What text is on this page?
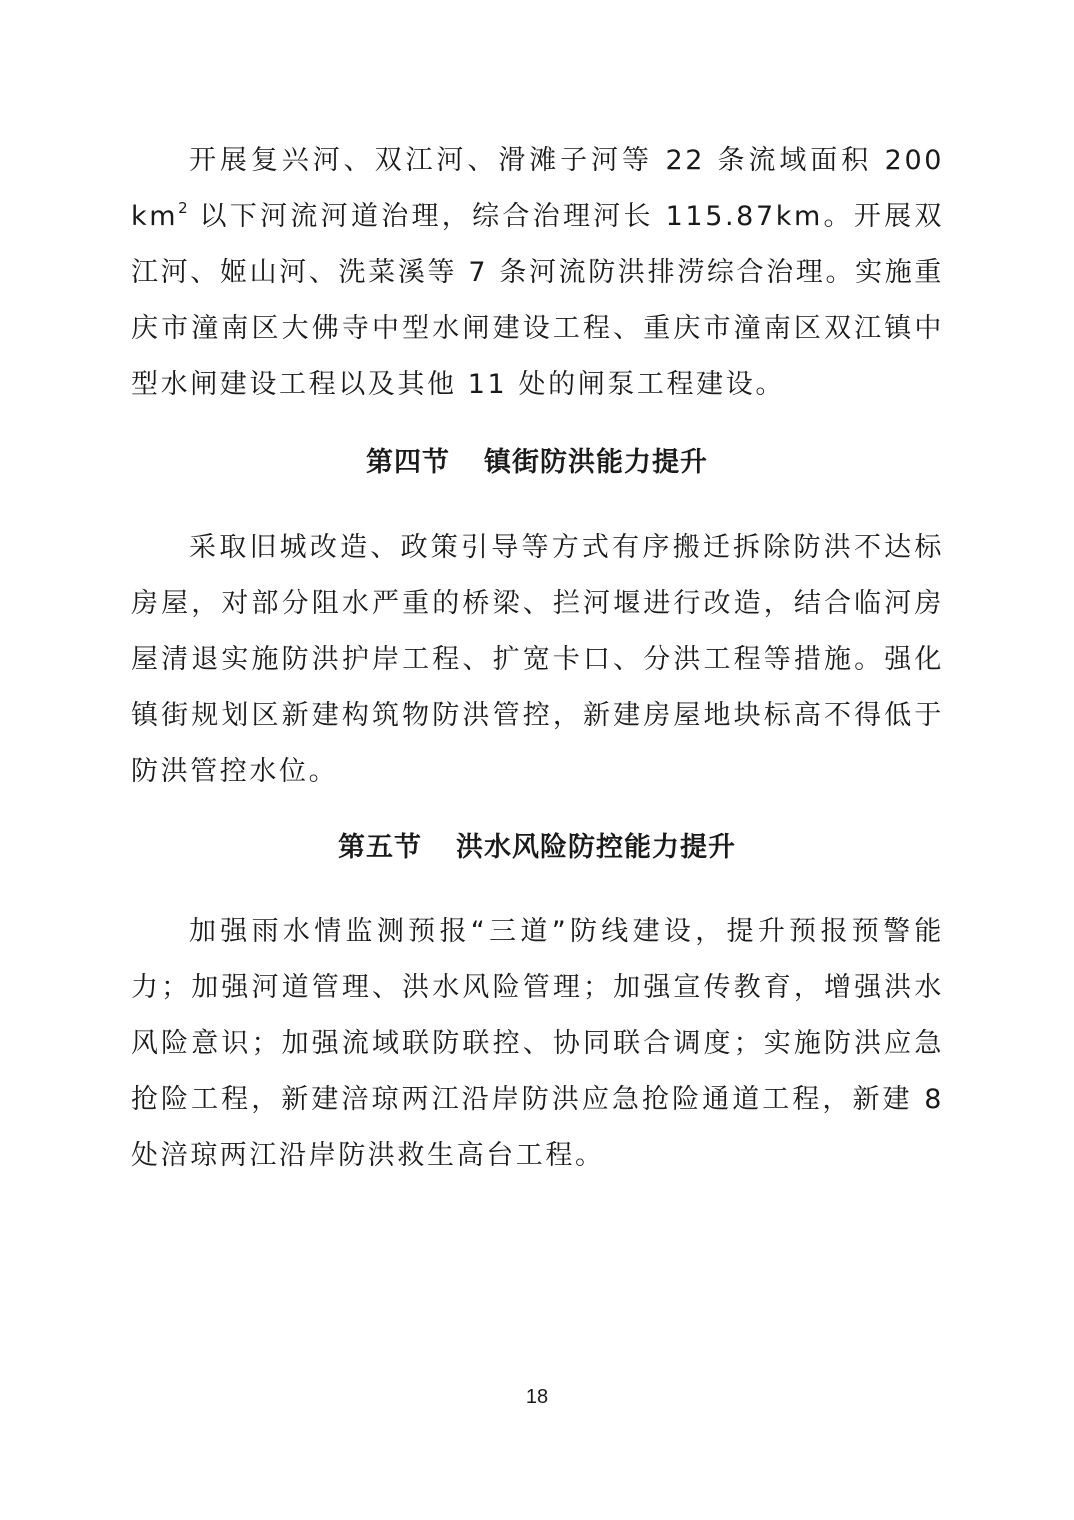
开展复兴河、双江河、滑滩子河等 22 条流域面积 200 $km^2$ 以下河流河道治理，综合治理河长 115.87km。开展双江河、姬山河、洗菜溪等 7 条河流防洪排涝综合治理。实施重庆市潼南区大佛寺中型水闸建设工程、重庆市潼南区双江镇中型水闸建设工程以及其他 11 处的闸泵工程建设。

第四节 镇街防洪能力提升

采取旧城改造、政策引导等方式有序搬迁拆除防洪不达标房屋，对部分阻水严重的桥梁、拦河堰进行改造，结合临河房屋清退实施防洪护岸工程、扩宽卡口、分洪工程等措施。强化镇街规划区新建构筑物防洪管控，新建房屋地块标高不得低于防洪管控水位。

第五节 洪水风险防控能力提升

加强雨水情监测预报“三道”防线建设，提升预报预警能力；加强河道管理、洪水风险管理；加强宣传教育，增强洪水风险意识；加强流域联防联控、协同联合调度；实施防洪应急抢险工程，新建涪琼两江沿岸防洪应急抢险通道工程，新建 8 处涪琼两江沿岸防洪救生高台工程。

18
